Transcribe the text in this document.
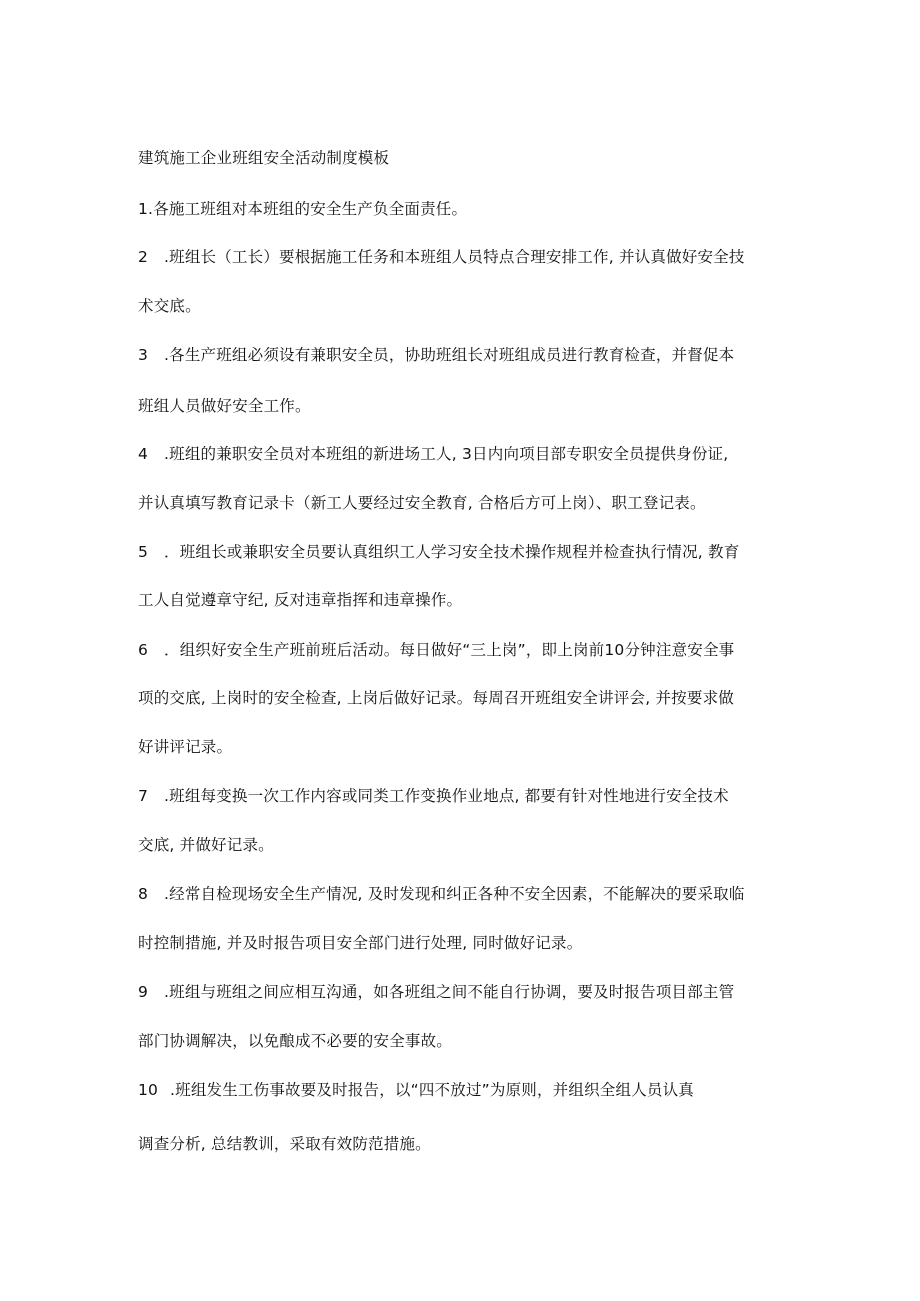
建筑施工企业班组安全活动制度模板
1.各施工班组对本班组的安全生产负全面责任。
2 .班组长（工长）要根据施工任务和本班组人员特点合理安排工作, 并认真做好安全技
术交底。
3 .各生产班组必须设有兼职安全员，协助班组长对班组成员进行教育检查，并督促本
班组人员做好安全工作。
4 .班组的兼职安全员对本班组的新进场工人, 3日内向项目部专职安全员提供身份证,
并认真填写教育记录卡（新工人要经过安全教育, 合格后方可上岗）、职工登记表。
5 ．班组长或兼职安全员要认真组织工人学习安全技术操作规程并检查执行情况, 教育
工人自觉遵章守纪, 反对违章指挥和违章操作。
6 ．组织好安全生产班前班后活动。每日做好“三上岗”，即上岗前10分钟注意安全事
项的交底, 上岗时的安全检查, 上岗后做好记录。每周召开班组安全讲评会, 并按要求做
好讲评记录。
7 .班组每变换一次工作内容或同类工作变换作业地点, 都要有针对性地进行安全技术
交底, 并做好记录。
8 .经常自检现场安全生产情况, 及时发现和纠正各种不安全因素，不能解决的要采取临
时控制措施, 并及时报告项目安全部门进行处理, 同时做好记录。
9 .班组与班组之间应相互沟通，如各班组之间不能自行协调，要及时报告项目部主管
部门协调解决，以免酿成不必要的安全事故。
10 .班组发生工伤事故要及时报告，以“四不放过”为原则，并组织全组人员认真
调查分析, 总结教训，采取有效防范措施。
